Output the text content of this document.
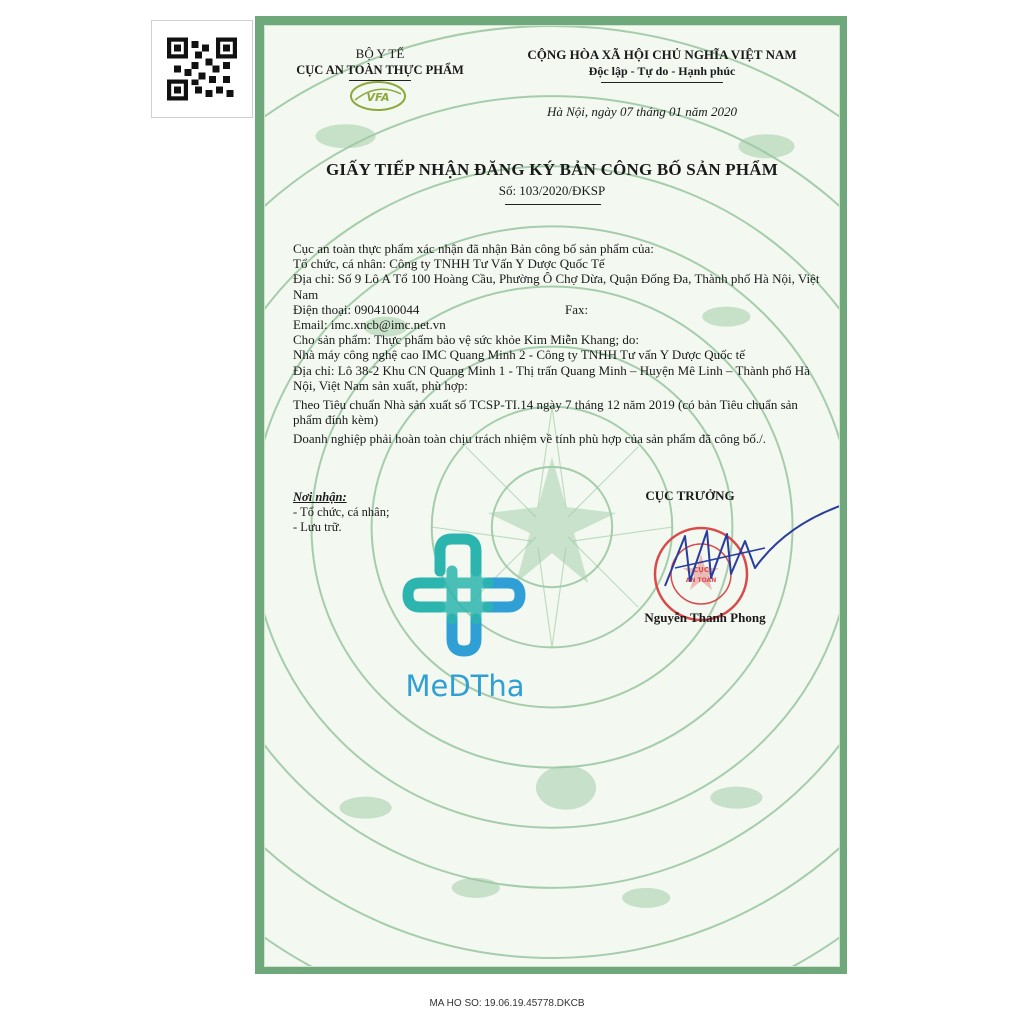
BỘ Y TẾ
CỤC AN TOÀN THỰC PHẨM
VFA
CỘNG HÒA XÃ HỘI CHỦ NGHĨA VIỆT NAM
Độc lập - Tự do - Hạnh phúc
Hà Nội, ngày 07 tháng 01 năm 2020
GIẤY TIẾP NHẬN ĐĂNG KÝ BẢN CÔNG BỐ SẢN PHẨM
Số: 103/2020/ĐKSP

Cục an toàn thực phẩm xác nhận đã nhận Bản công bố sản phẩm của:

Tổ chức, cá nhân: Công ty TNHH Tư Vấn Y Dược Quốc Tế

Địa chỉ: Số 9 Lô A Tổ 100 Hoàng Cầu, Phường Ô Chợ Dừa, Quận Đống Đa, Thành phố Hà Nội, Việt Nam

Điện thoại: 0904100044	Fax:

Email: imc.xncb@imc.net.vn

Cho sản phẩm: Thực phẩm bảo vệ sức khỏe Kim Miễn Khang; do:

Nhà máy công nghệ cao IMC Quang Minh 2 - Công ty TNHH Tư vấn Y Dược Quốc tế

Địa chỉ: Lô 38-2 Khu CN Quang Minh 1 - Thị trấn Quang Minh – Huyện Mê Linh – Thành phố Hà Nội, Việt Nam sản xuất, phù hợp:

Theo Tiêu chuẩn Nhà sản xuất số TCSP-TI.14 ngày 7 tháng 12 năm 2019 (có bản Tiêu chuẩn sản phẩm đính kèm)

Doanh nghiệp phải hoàn toàn chịu trách nhiệm về tính phù hợp của sản phẩm đã công bố./.

Nơi nhận:
- Tổ chức, cá nhân;
- Lưu trữ.
CỤC TRƯỞNG
CỤC
AN TOÀN
Nguyễn Thanh Phong
MeDTha
MA HO SO: 19.06.19.45778.DKCB
